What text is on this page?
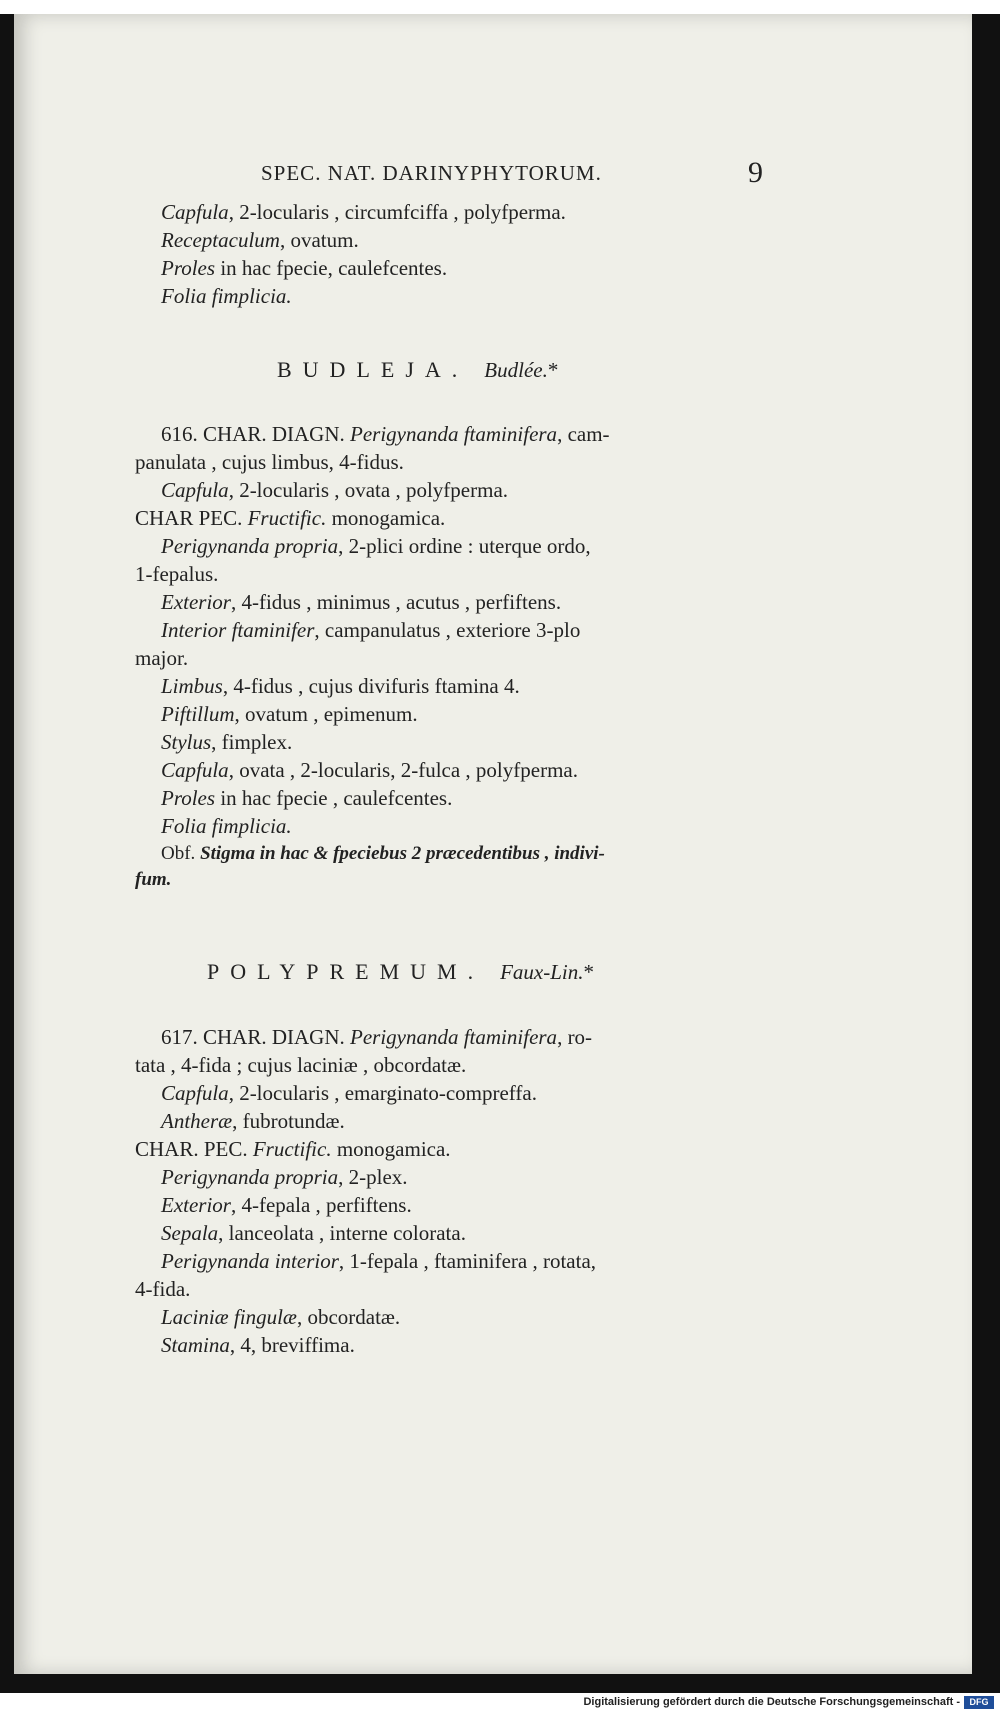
SPEC. NAT. DARINYPHYTORUM.	9
Capfula, 2-locularis , circumfciffa , polyfperma.
Receptaculum, ovatum.
Proles in hac fpecie, caulefcentes.
Folia fimplicia.
BUDLEJA. Budlée.*
616. CHAR. DIAGN. Perigynanda ftaminifera, cam-
panulata , cujus limbus, 4-fidus.
Capfula, 2-locularis , ovata , polyfperma.
CHAR PEC. Fructific. monogamica.
Perigynanda propria, 2-plici ordine : uterque ordo,
1-fepalus.
Exterior, 4-fidus , minimus , acutus , perfiftens.
Interior ftaminifer, campanulatus , exteriore 3-plo
major.
Limbus, 4-fidus , cujus divifuris ftamina 4.
Piftillum, ovatum , epimenum.
Stylus, fimplex.
Capfula, ovata , 2-locularis, 2-fulca , polyfperma.
Proles in hac fpecie , caulefcentes.
Folia fimplicia.
Obf. Stigma in hac & fpeciebus 2 præcedentibus , indivi-
fum.
POLYPREMUM. Faux-Lin.*
617. CHAR. DIAGN. Perigynanda ftaminifera, ro-
tata , 4-fida ; cujus laciniæ , obcordatæ.
Capfula, 2-locularis , emarginato-compreffa.
Antheræ, fubrotundæ.
CHAR. PEC. Fructific. monogamica.
Perigynanda propria, 2-plex.
Exterior, 4-fepala , perfiftens.
Sepala, lanceolata , interne colorata.
Perigynanda interior, 1-fepala , ftaminifera , rotata,
4-fida.
Laciniæ fingulæ, obcordatæ.
Stamina, 4, breviffima.
Digitalisierung gefördert durch die Deutsche Forschungsgemeinschaft -	DFG
